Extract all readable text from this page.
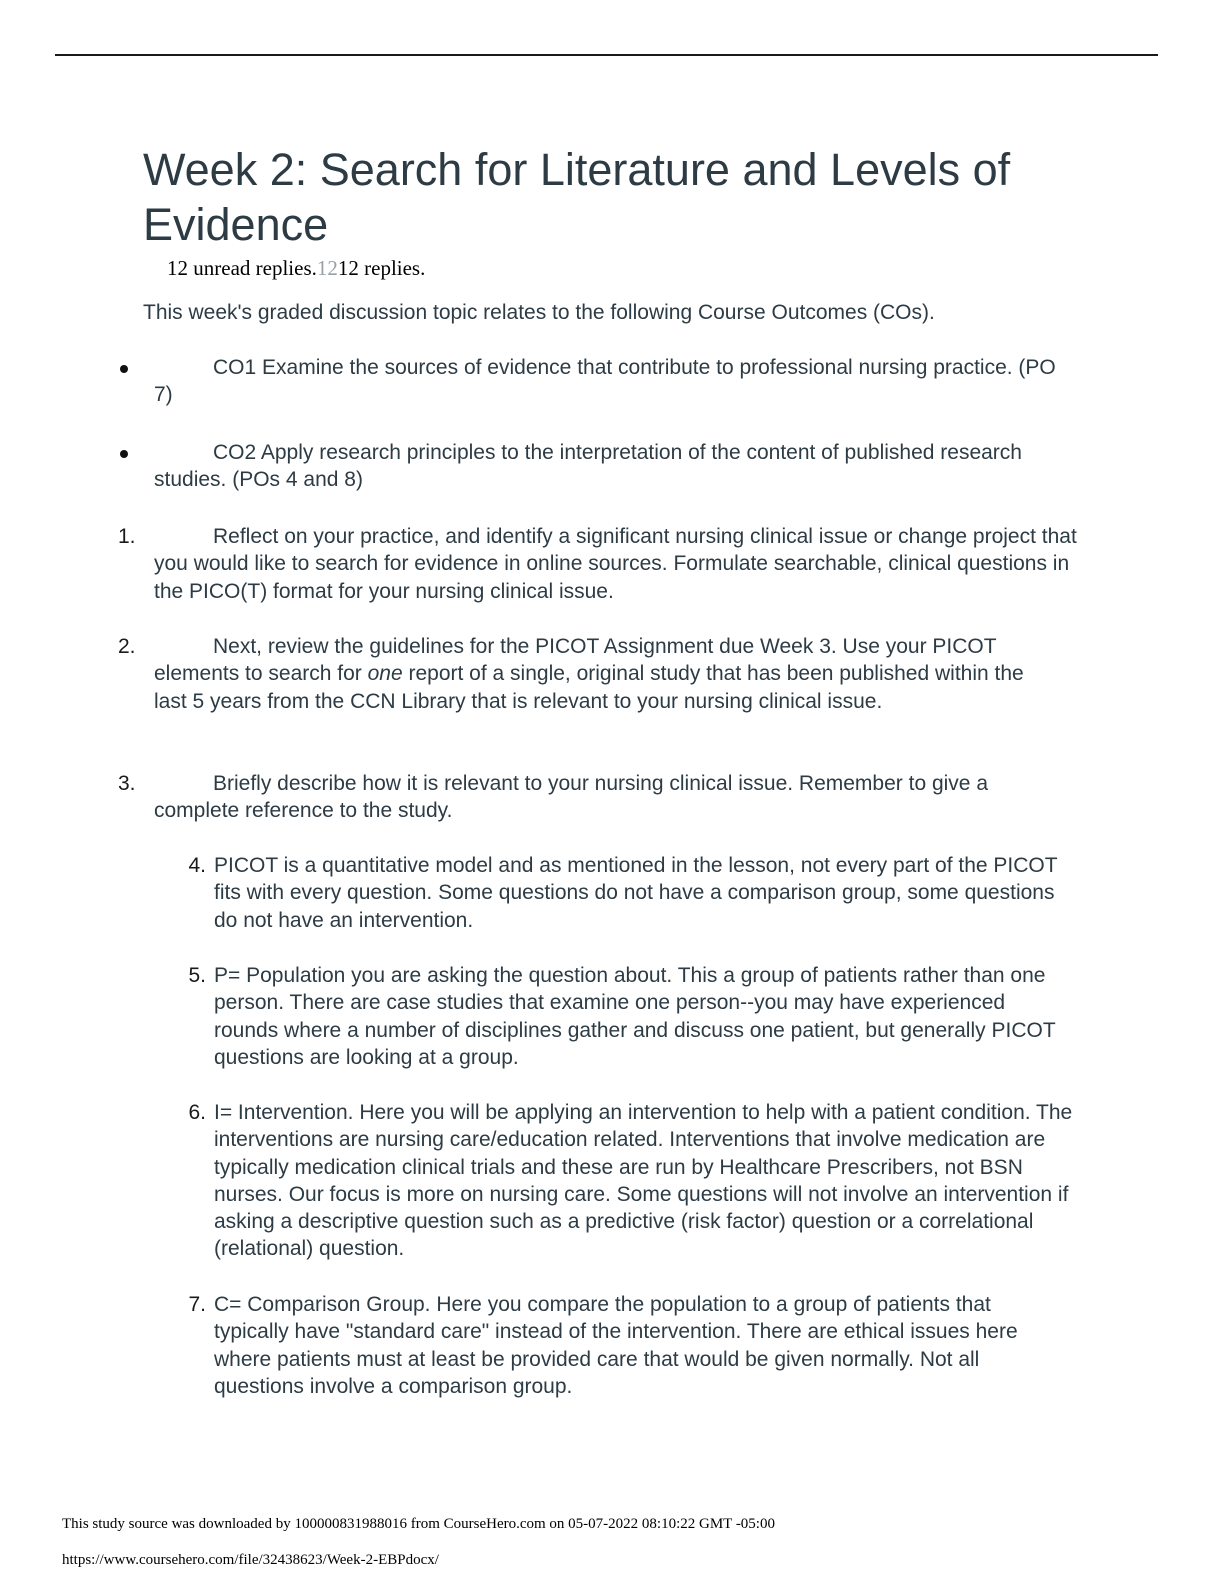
Week 2: Search for Literature and Levels of Evidence
12 unread replies.1212 replies.

This week's graded discussion topic relates to the following Course Outcomes (COs).

CO1 Examine the sources of evidence that contribute to professional nursing practice. (PO 7)
CO2 Apply research principles to the interpretation of the content of published research studies. (POs 4 and 8)
1.	Reflect on your practice, and identify a significant nursing clinical issue or change project that you would like to search for evidence in online sources. Formulate searchable, clinical questions in the PICO(T) format for your nursing clinical issue.
2.	Next, review the guidelines for the PICOT Assignment due Week 3. Use your PICOT elements to search for one report of a single, original study that has been published within the last 5 years from the CCN Library that is relevant to your nursing clinical issue.
3.	Briefly describe how it is relevant to your nursing clinical issue. Remember to give a complete reference to the study.
4. PICOT is a quantitative model and as mentioned in the lesson, not every part of the PICOT fits with every question. Some questions do not have a comparison group, some questions do not have an intervention.
5. P= Population you are asking the question about. This a group of patients rather than one person. There are case studies that examine one person--you may have experienced rounds where a number of disciplines gather and discuss one patient, but generally PICOT questions are looking at a group.
6. I= Intervention. Here you will be applying an intervention to help with a patient condition. The interventions are nursing care/education related. Interventions that involve medication are typically medication clinical trials and these are run by Healthcare Prescribers, not BSN nurses. Our focus is more on nursing care. Some questions will not involve an intervention if asking a descriptive question such as a predictive (risk factor) question or a correlational (relational) question.
7. C= Comparison Group. Here you compare the population to a group of patients that typically have "standard care" instead of the intervention. There are ethical issues here where patients must at least be provided care that would be given normally. Not all questions involve a comparison group.
This study source was downloaded by 100000831988016 from CourseHero.com on 05-07-2022 08:10:22 GMT -05:00
https://www.coursehero.com/file/32438623/Week-2-EBPdocx/
